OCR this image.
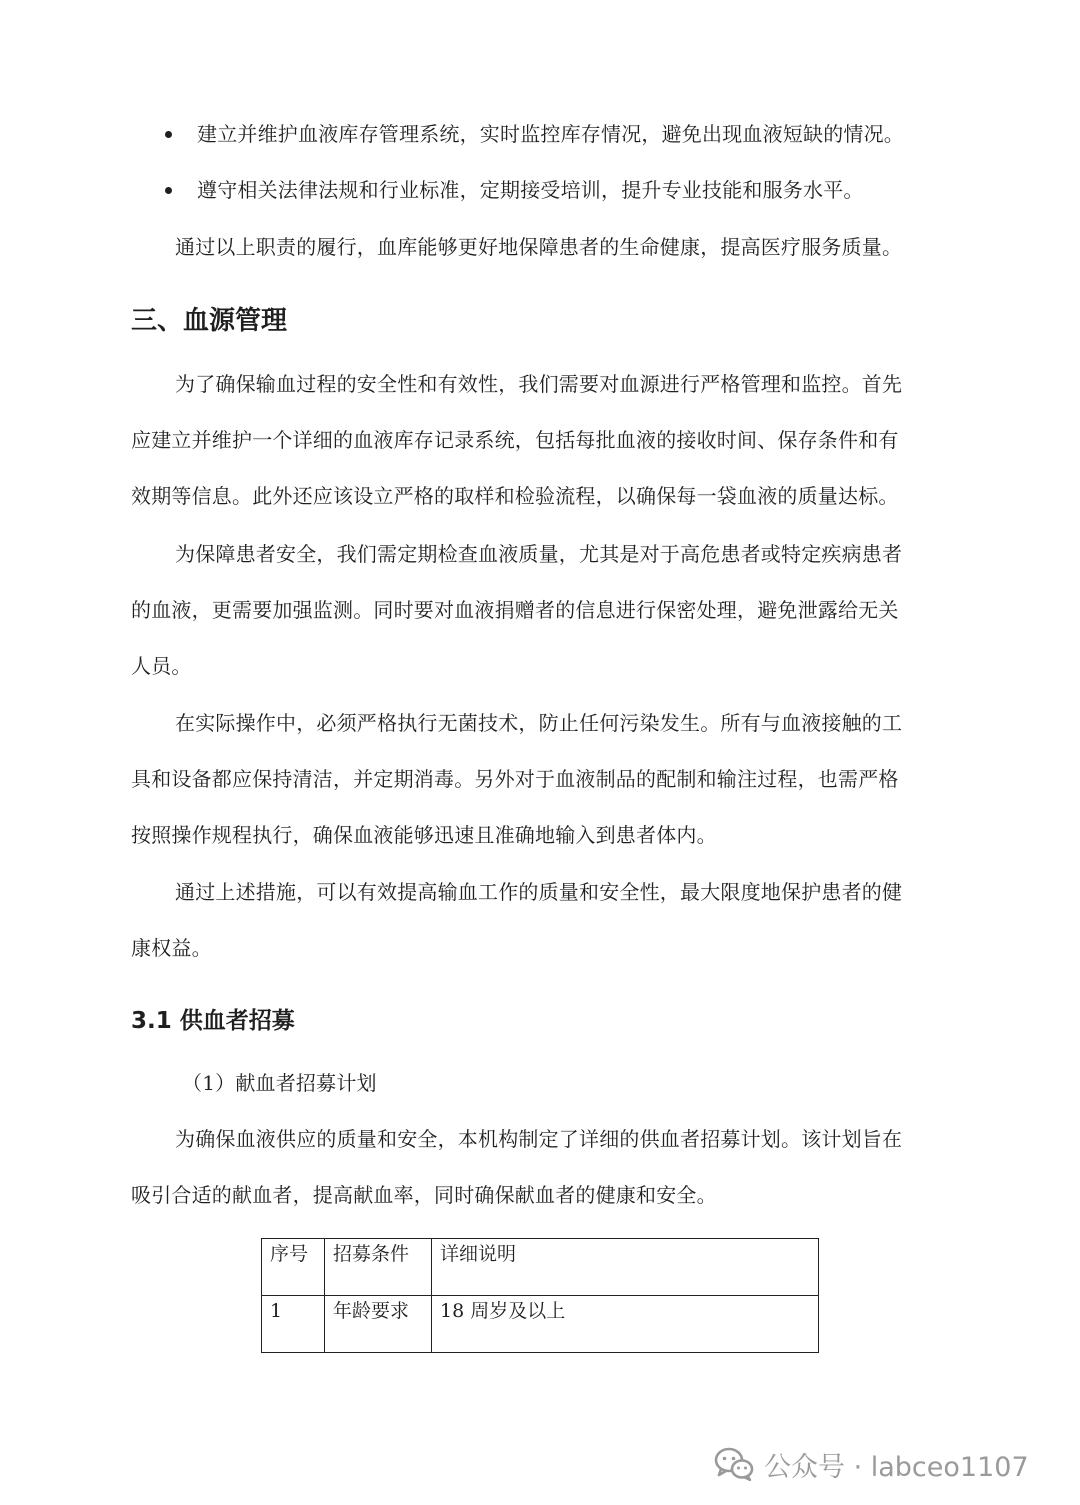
建立并维护血液库存管理系统，实时监控库存情况，避免出现血液短缺的情况。
遵守相关法律法规和行业标准，定期接受培训，提升专业技能和服务水平。
通过以上职责的履行，血库能够更好地保障患者的生命健康，提高医疗服务质量。
三、血源管理
为了确保输血过程的安全性和有效性，我们需要对血源进行严格管理和监控。首先
应建立并维护一个详细的血液库存记录系统，包括每批血液的接收时间、保存条件和有
效期等信息。此外还应该设立严格的取样和检验流程，以确保每一袋血液的质量达标。
为保障患者安全，我们需定期检查血液质量，尤其是对于高危患者或特定疾病患者
的血液，更需要加强监测。同时要对血液捐赠者的信息进行保密处理，避免泄露给无关
人员。
在实际操作中，必须严格执行无菌技术，防止任何污染发生。所有与血液接触的工
具和设备都应保持清洁，并定期消毒。另外对于血液制品的配制和输注过程，也需严格
按照操作规程执行，确保血液能够迅速且准确地输入到患者体内。
通过上述措施，可以有效提高输血工作的质量和安全性，最大限度地保护患者的健
康权益。
3.1 供血者招募
（1）献血者招募计划
为确保血液供应的质量和安全，本机构制定了详细的供血者招募计划。该计划旨在
吸引合适的献血者，提高献血率，同时确保献血者的健康和安全。
序号	招募条件	详细说明
1	年龄要求	18 周岁及以上
公众号 · labceo1107
